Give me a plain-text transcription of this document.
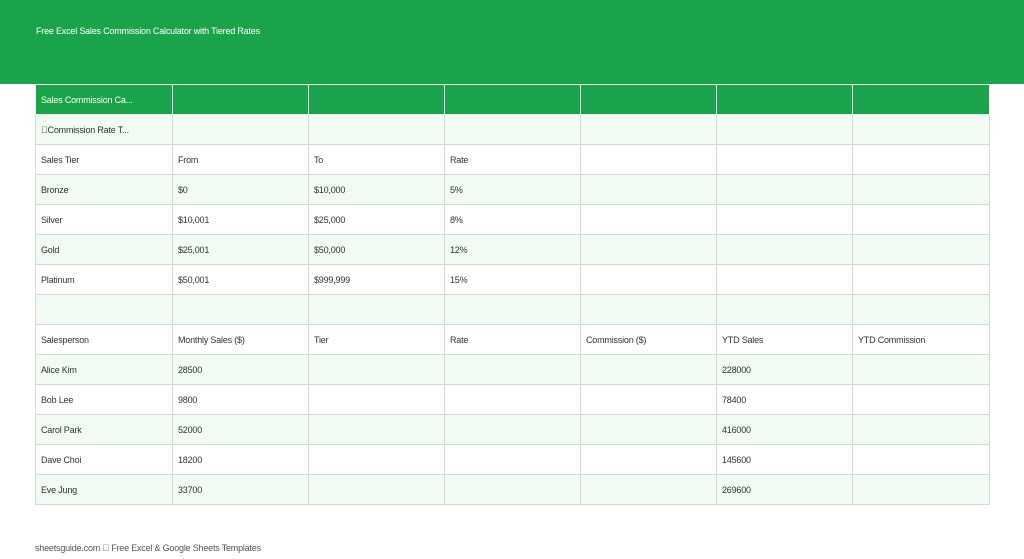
Free Excel Sales Commission Calculator with Tiered Rates
Sales Commission Ca...						
 Commission Rate T...						
Sales Tier	From	To	Rate			
Bronze	$0	$10,000	5%			
Silver	$10,001	$25,000	8%			
Gold	$25,001	$50,000	12%			
Platinum	$50,001	$999,999	15%			

Salesperson	Monthly Sales ($)	Tier	Rate	Commission ($)	YTD Sales	YTD Commission
Alice Kim	28500				228000	
Bob Lee	9800				78400	
Carol Park	52000				416000	
Dave Choi	18200				145600	
Eve Jung	33700				269600	
sheetsguide.com   Free Excel & Google Sheets Templates
